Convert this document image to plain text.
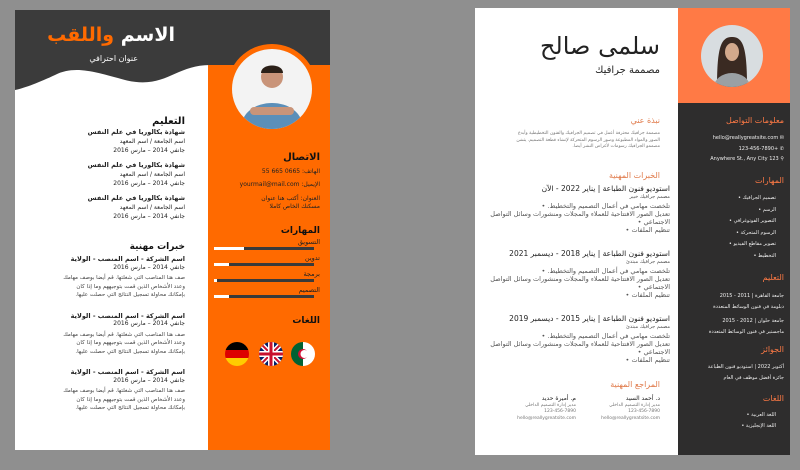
الاسم واللقب
عنوان احترافي
التعليم
شهادة بكالوريا في علم النفس
اسم الجامعة / اسم المعهد
جانفي 2014 – مارس 2016
شهادة بكالوريا في علم النفس
اسم الجامعة / اسم المعهد
جانفي 2014 – مارس 2016
شهادة بكالوريا في علم النفس
اسم الجامعة / اسم المعهد
جانفي 2014 – مارس 2016
خبرات مهنية
اسم الشركة - اسم المنصب - الولاية
جانفي 2014 – مارس 2016
صف هنا المناصب التي شغلتها. قم أيضا بوصف مهامك
وعدد الأشخاص الذين قمت بتوجيههم وما إذا كان
بإمكانك محاولة تسجيل النتائج التي حصلت عليها.
اسم الشركة - اسم المنصب - الولاية
جانفي 2014 – مارس 2016
صف هنا المناصب التي شغلتها. قم أيضا بوصف مهامك
وعدد الأشخاص الذين قمت بتوجيههم وما إذا كان
بإمكانك محاولة تسجيل النتائج التي حصلت عليها.
اسم الشركة - اسم المنصب - الولاية
جانفي 2014 – مارس 2016
صف هنا المناصب التي شغلتها. قم أيضا بوصف مهامك
وعدد الأشخاص الذين قمت بتوجيههم وما إذا كان
بإمكانك محاولة تسجيل النتائج التي حصلت عليها.
الاتصال
الهاتف: 0665 665 55
الإيميل: yourmail@mail.com
العنوان: أكتب هنا عنوان
مسكنك الخاص كاملا
المهارات
التسويق
تدوين
برمجة
التصميم
اللغات
سلمى صالح
مصممة جرافيك
نبذة عني
مصممة جرافيك محترفة أعمل في تصميم الجرافيك والفنون التخطيطية وأبدع
الصور والمواد المطبوعة وصور الرسوم المتحركة لإنشاء قطعة التصميم. يتشن
مصممو الجرافيك رسومات لأغراض النشر أيضا.
الخبرات المهنية
استوديو فنون الطباعة | يناير 2022 - الآن
مصمم جرافيك خبير
تلخصت مهامي في أعمال التصميم والتخطيط. •
تعديل الصور الافتتاحية للعملاء والمجلات ومنشورات وسائل التواصل الاجتماعي •
تنظيم الملفات •
استوديو فنون الطباعة | يناير 2018 - ديسمبر 2021
مصمم جرافيك مبتدئ
تلخصت مهامي في أعمال التصميم والتخطيط. •
تعديل الصور الافتتاحية للعملاء والمجلات ومنشورات وسائل التواصل الاجتماعي •
تنظيم الملفات •
استوديو فنون الطباعة | يناير 2015 - ديسمبر 2019
مصمم جرافيك مبتدئ
تلخصت مهامي في أعمال التصميم والتخطيط. •
تعديل الصور الافتتاحية للعملاء والمجلات ومنشورات وسائل التواصل الاجتماعي •
تنظيم الملفات •
المراجع المهنية
د. أحمد السيد
مدير إدارة التصميم الداخلي
123-456-7890
hello@reallygreatsite.com
م. أميرة حديد
مدير إدارة التصميم الداخلي
123-456-7890
hello@reallygreatsite.com
معلومات التواصل
✉ hello@reallygreatsite.com
✆ +123-456-7890
⚲ 123 Anywhere St., Any City
المهارات
تصميم الجرافيك •
الرسم •
التصوير الفوتوغرافي •
الرسوم المتحركة •
تصوير مقاطع الفيديو •
التخطيط •
التعليم
جامعة القاهرة | 2011 - 2015
دبلومة في فنون الوسائط المتعددة
جامعة حلوان | 2012 - 2015
ماجستير في فنون الوسائط المتعددة
الجوائز
أكتوبر 2022 | استوديو فنون الطباعة
جائزة أفضل موظف في العام
اللغات
اللغة العربية •
اللغة الإنجليزية •
